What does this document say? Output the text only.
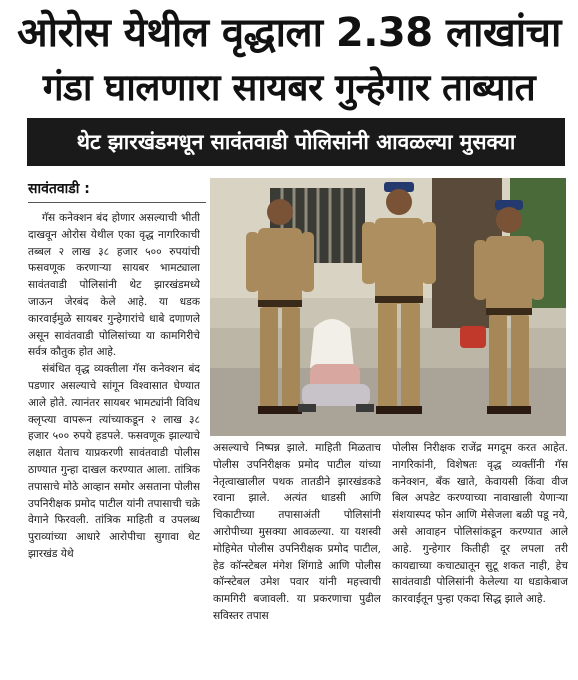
ओरोस येथील वृद्धाला 2.38 लाखांचा
गंडा घालणारा सायबर गुन्हेगार ताब्यात
थेट झारखंडमधून सावंतवाडी पोलिसांनी आवळल्या मुसक्या
सावंतवाडी :

गॅस कनेक्शन बंद होणार असल्याची भीती दाखवून ओरोस येथील एका वृद्ध नागरिकाची तब्बल २ लाख ३८ हजार ५०० रुपयांची फसवणूक करणाऱ्या सायबर भामट्याला सावंतवाडी पोलिसांनी थेट झारखंडमध्ये जाऊन जेरबंद केले आहे. या धडक कारवाईमुळे सायबर गुन्हेगारांचे धाबे दणाणले असून सावंतवाडी पोलिसांच्या या कामगिरीचे सर्वत्र कौतुक होत आहे.

संबंधित वृद्ध व्यक्तीला गॅस कनेक्शन बंद पडणार असल्याचे सांगून विश्वासात घेण्यात आले होते. त्यानंतर सायबर भामट्यांनी विविध क्लृप्त्या वापरून त्यांच्याकडून २ लाख ३८ हजार ५०० रुपये हडपले. फसवणूक झाल्याचे लक्षात येताच याप्रकरणी सावंतवाडी पोलीस ठाण्यात गुन्हा दाखल करण्यात आला. तांत्रिक तपासाचे मोठे आव्हान समोर असताना पोलीस उपनिरीक्षक प्रमोद पाटील यांनी तपासाची चक्रे वेगाने फिरवली. तांत्रिक माहिती व उपलब्ध पुराव्यांच्या आधारे आरोपीचा सुगावा थेट झारखंड येथे

असल्याचे निष्पन्न झाले. माहिती मिळताच पोलीस उपनिरीक्षक प्रमोद पाटील यांच्या नेतृत्वाखालील पथक तातडीने झारखंडकडे रवाना झाले. अत्यंत धाडसी आणि चिकाटीच्या तपासाअंती पोलिसांनी आरोपीच्या मुसक्या आवळल्या. या यशस्वी मोहिमेत पोलीस उपनिरीक्षक प्रमोद पाटील, हेड कॉन्स्टेबल मंगेश शिंगाडे आणि पोलीस कॉन्स्टेबल उमेश पवार यांनी महत्त्वाची कामगिरी बजावली. या प्रकरणाचा पुढील सविस्तर तपास
पोलीस निरीक्षक राजेंद्र मगदूम करत आहेत. नागरिकांनी, विशेषतः वृद्ध व्यक्तींनी गॅस कनेक्शन, बँक खाते, केवायसी किंवा वीज बिल अपडेट करण्याच्या नावाखाली येणाऱ्या संशयास्पद फोन आणि मेसेजला बळी पडू नये, असे आवाहन पोलिसांकडून करण्यात आले आहे. गुन्हेगार कितीही दूर लपला तरी कायद्याच्या कचाट्यातून सुटू शकत नाही, हेच सावंतवाडी पोलिसांनी केलेल्या या धडाकेबाज कारवाईतून पुन्हा एकदा सिद्ध झाले आहे.
